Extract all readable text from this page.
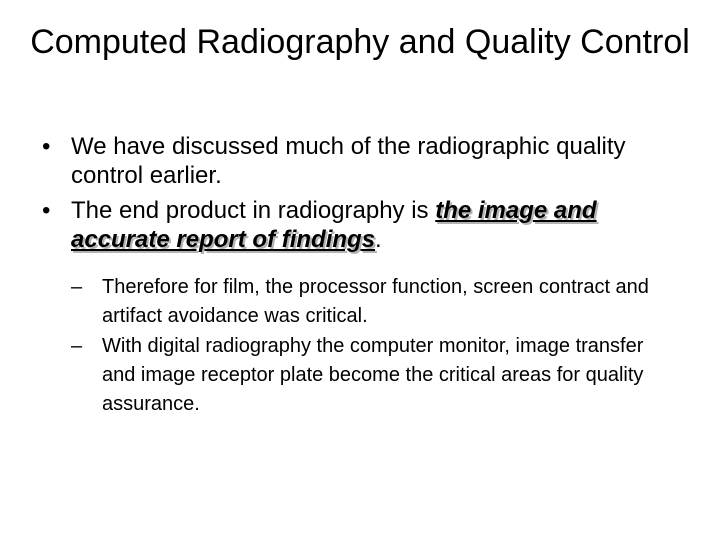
Computed Radiography and Quality Control
• We have discussed much of the radiographic quality control earlier.
• The end product in radiography is the image and accurate report of findings.
– Therefore for film, the processor function, screen contract and artifact avoidance was critical.
– With digital radiography the computer monitor, image transfer and image receptor plate become the critical areas for quality assurance.
